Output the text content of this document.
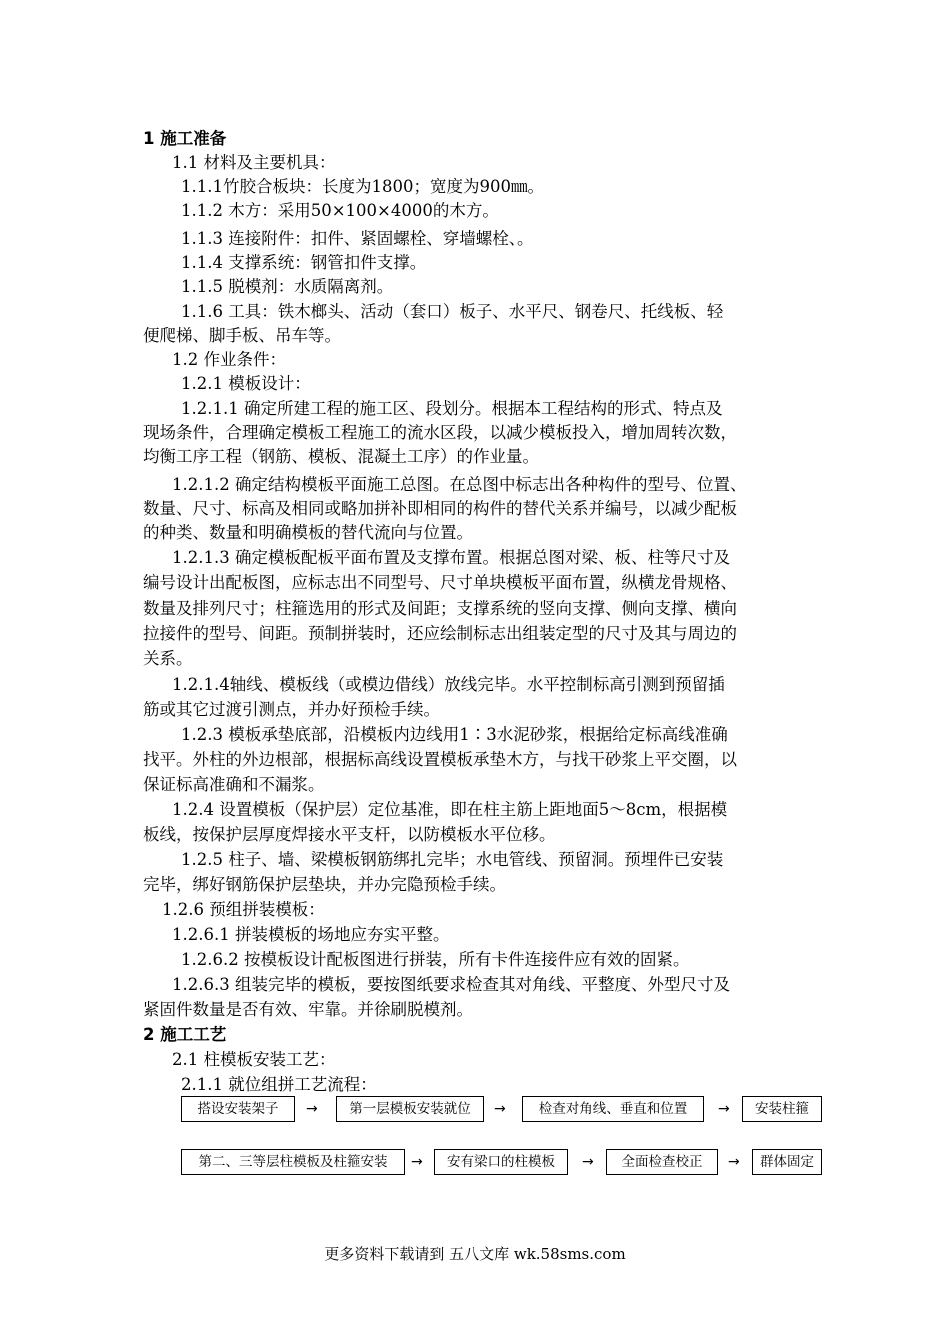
1 施工准备
1.1 材料及主要机具：
1.1.1竹胶合板块：长度为1800；宽度为900㎜。
1.1.2 木方：采用50×100×4000的木方。
1.1.3 连接附件：扣件、紧固螺栓、穿墙螺栓、。
1.1.4 支撑系统：钢管扣件支撑。
1.1.5 脱模剂：水质隔离剂。
1.1.6 工具：铁木榔头、活动（套口）板子、水平尺、钢卷尺、托线板、轻
便爬梯、脚手板、吊车等。
1.2 作业条件：
1.2.1 模板设计：
1.2.1.1 确定所建工程的施工区、段划分。根据本工程结构的形式、特点及
现场条件，合理确定模板工程施工的流水区段，以减少模板投入，增加周转次数，
均衡工序工程（钢筋、模板、混凝土工序）的作业量。
1.2.1.2 确定结构模板平面施工总图。在总图中标志出各种构件的型号、位置、
数量、尺寸、标高及相同或略加拼补即相同的构件的替代关系并编号，以减少配板
的种类、数量和明确模板的替代流向与位置。
1.2.1.3 确定模板配板平面布置及支撑布置。根据总图对梁、板、柱等尺寸及
编号设计出配板图，应标志出不同型号、尺寸单块模板平面布置，纵横龙骨规格、
数量及排列尺寸；柱箍选用的形式及间距；支撑系统的竖向支撑、侧向支撑、横向
拉接件的型号、间距。预制拼装时，还应绘制标志出组装定型的尺寸及其与周边的
关系。
1.2.1.4轴线、模板线（或模边借线）放线完毕。水平控制标高引测到预留插
筋或其它过渡引测点，并办好预检手续。
1.2.3 模板承垫底部，沿模板内边线用1∶3水泥砂浆，根据给定标高线准确
找平。外柱的外边根部，根据标高线设置模板承垫木方，与找干砂浆上平交圈，以
保证标高准确和不漏浆。
1.2.4 设置模板（保护层）定位基准，即在柱主筋上距地面5～8cm，根据模
板线，按保护层厚度焊接水平支杆，以防模板水平位移。
1.2.5 柱子、墙、梁模板钢筋绑扎完毕；水电管线、预留洞。预埋件已安装
完毕，绑好钢筋保护层垫块，并办完隐预检手续。
1.2.6 预组拼装模板：
1.2.6.1 拼装模板的场地应夯实平整。
1.2.6.2 按模板设计配板图进行拼装，所有卡件连接件应有效的固紧。
1.2.6.3 组装完毕的模板，要按图纸要求检查其对角线、平整度、外型尺寸及
紧固件数量是否有效、牢靠。并徐刷脱模剂。
2 施工工艺
2.1 柱模板安装工艺：
2.1.1 就位组拼工艺流程：
搭设安装架子	→	第一层模板安装就位	→	检查对角线、垂直和位置	→	安装柱箍
第二、三等层柱模板及柱箍安装	→	安有梁口的柱模板	→	全面检查校正	→	群体固定
更多资料下载请到 五八文库 wk.58sms.com
